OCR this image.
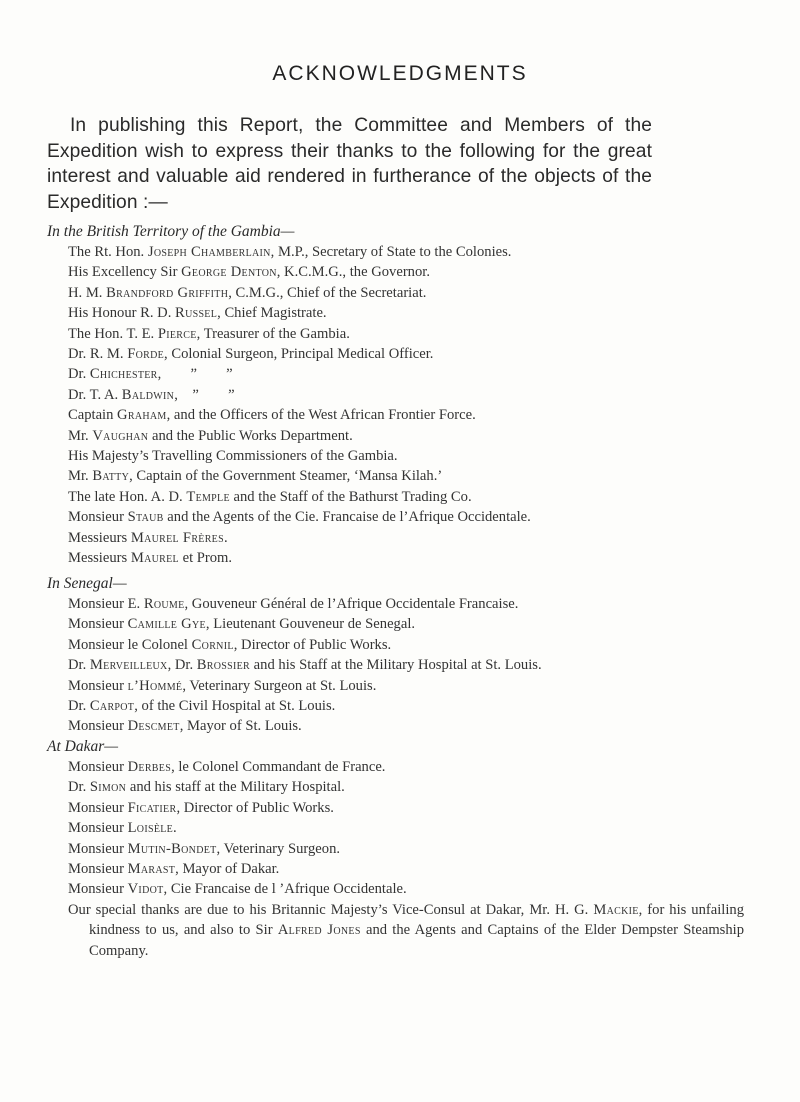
ACKNOWLEDGMENTS
In publishing this Report, the Committee and Members of the
Expedition wish to express their thanks to the following for the great
interest and valuable aid rendered in furtherance of the objects of the
Expedition :—
In the British Territory of the Gambia—
The Rt. Hon. Joseph Chamberlain, M.P., Secretary of State to the Colonies.
His Excellency Sir George Denton, K.C.M.G., the Governor.
H. M. Brandford Griffith, C.M.G., Chief of the Secretariat.
His Honour R. D. Russel, Chief Magistrate.
The Hon. T. E. Pierce, Treasurer of the Gambia.
Dr. R. M. Forde, Colonial Surgeon, Principal Medical Officer.
Dr. Chichester,  ”  ”
Dr. T. A. Baldwin, ”  ”
Captain Graham, and the Officers of the West African Frontier Force.
Mr. Vaughan and the Public Works Department.
His Majesty’s Travelling Commissioners of the Gambia.
Mr. Batty, Captain of the Government Steamer, ‘Mansa Kilah.’
The late Hon. A. D. Temple and the Staff of the Bathurst Trading Co.
Monsieur Staub and the Agents of the Cie. Francaise de l’Afrique Occidentale.
Messieurs Maurel Frères.
Messieurs Maurel et Prom.
In Senegal—
Monsieur E. Roume, Gouveneur Général de l’Afrique Occidentale Francaise.
Monsieur Camille Gye, Lieutenant Gouveneur de Senegal.
Monsieur le Colonel Cornil, Director of Public Works.
Dr. Merveilleux, Dr. Brossier and his Staff at the Military Hospital at St. Louis.
Monsieur l’Hommé, Veterinary Surgeon at St. Louis.
Dr. Carpot, of the Civil Hospital at St. Louis.
Monsieur Descmet, Mayor of St. Louis.
At Dakar—
Monsieur Derbes, le Colonel Commandant de France.
Dr. Simon and his staff at the Military Hospital.
Monsieur Ficatier, Director of Public Works.
Monsieur Loisèle.
Monsieur Mutin-Bondet, Veterinary Surgeon.
Monsieur Marast, Mayor of Dakar.
Monsieur Vidot, Cie Francaise de l ’Afrique Occidentale.
Our special thanks are due to his Britannic Majesty’s Vice-Consul at Dakar, Mr. H. G. Mackie, for his unfailing kindness to us, and also to Sir Alfred Jones and the Agents and Captains of the Elder Dempster Steamship Company.
